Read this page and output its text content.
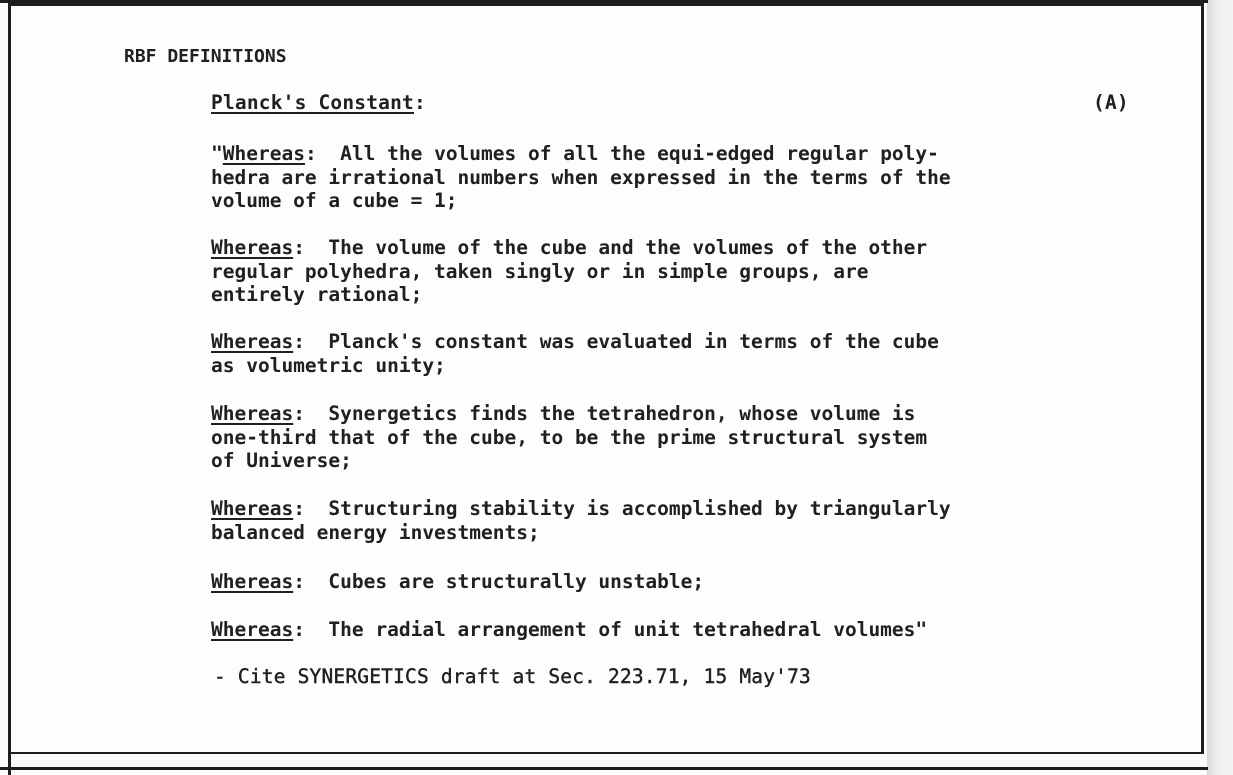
RBF DEFINITIONS
Planck's Constant:	(A)
"Whereas:  All the volumes of all the equi-edged regular poly-
hedra are irrational numbers when expressed in the terms of the
volume of a cube = 1;
Whereas:  The volume of the cube and the volumes of the other
regular polyhedra, taken singly or in simple groups, are
entirely rational;
Whereas:  Planck's constant was evaluated in terms of the cube
as volumetric unity;
Whereas:  Synergetics finds the tetrahedron, whose volume is
one-third that of the cube, to be the prime structural system
of Universe;
Whereas:  Structuring stability is accomplished by triangularly
balanced energy investments;
Whereas:  Cubes are structurally unstable;
Whereas:  The radial arrangement of unit tetrahedral volumes"
- Cite SYNERGETICS draft at Sec. 223.71, 15 May'73
